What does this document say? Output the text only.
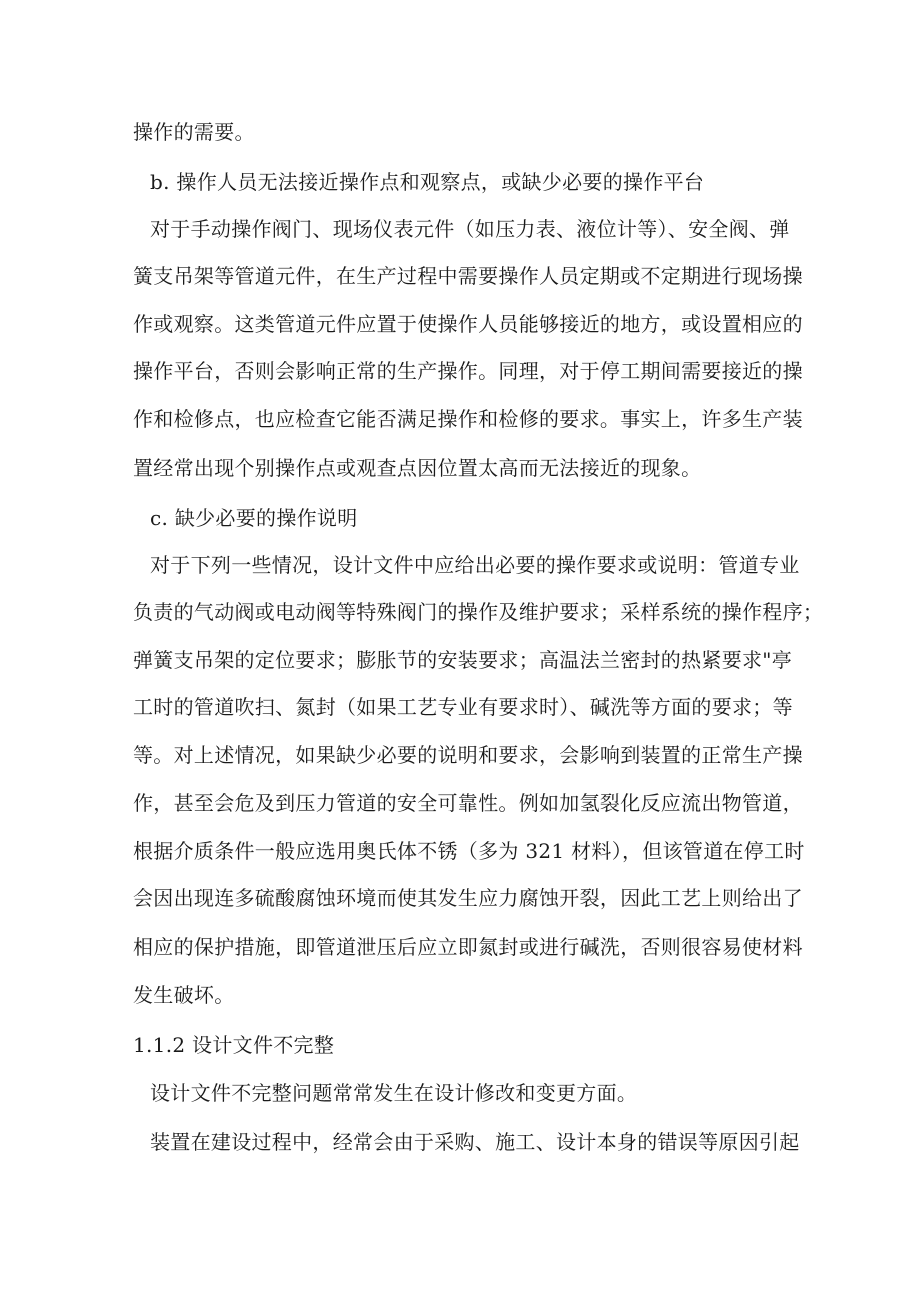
操作的需要。
b. 操作人员无法接近操作点和观察点，或缺少必要的操作平台
对于手动操作阀门、现场仪表元件（如压力表、液位计等）、安全阀、弹
簧支吊架等管道元件，在生产过程中需要操作人员定期或不定期进行现场操
作或观察。这类管道元件应置于使操作人员能够接近的地方，或设置相应的
操作平台，否则会影响正常的生产操作。同理，对于停工期间需要接近的操
作和检修点，也应检查它能否满足操作和检修的要求。事实上，许多生产装
置经常出现个别操作点或观查点因位置太高而无法接近的现象。
c. 缺少必要的操作说明
对于下列一些情况，设计文件中应给出必要的操作要求或说明：管道专业
负责的气动阀或电动阀等特殊阀门的操作及维护要求；采样系统的操作程序；
弹簧支吊架的定位要求；膨胀节的安装要求；高温法兰密封的热紧要求"亭
工时的管道吹扫、氮封（如果工艺专业有要求时）、碱洗等方面的要求；等
等。对上述情况，如果缺少必要的说明和要求，会影响到装置的正常生产操
作，甚至会危及到压力管道的安全可靠性。例如加氢裂化反应流出物管道，
根据介质条件一般应选用奥氏体不锈（多为 321 材料），但该管道在停工时
会因出现连多硫酸腐蚀环境而使其发生应力腐蚀开裂，因此工艺上则给出了
相应的保护措施，即管道泄压后应立即氮封或进行碱洗，否则很容易使材料
发生破坏。
1.1.2 设计文件不完整
设计文件不完整问题常常发生在设计修改和变更方面。
装置在建设过程中，经常会由于采购、施工、设计本身的错误等原因引起
